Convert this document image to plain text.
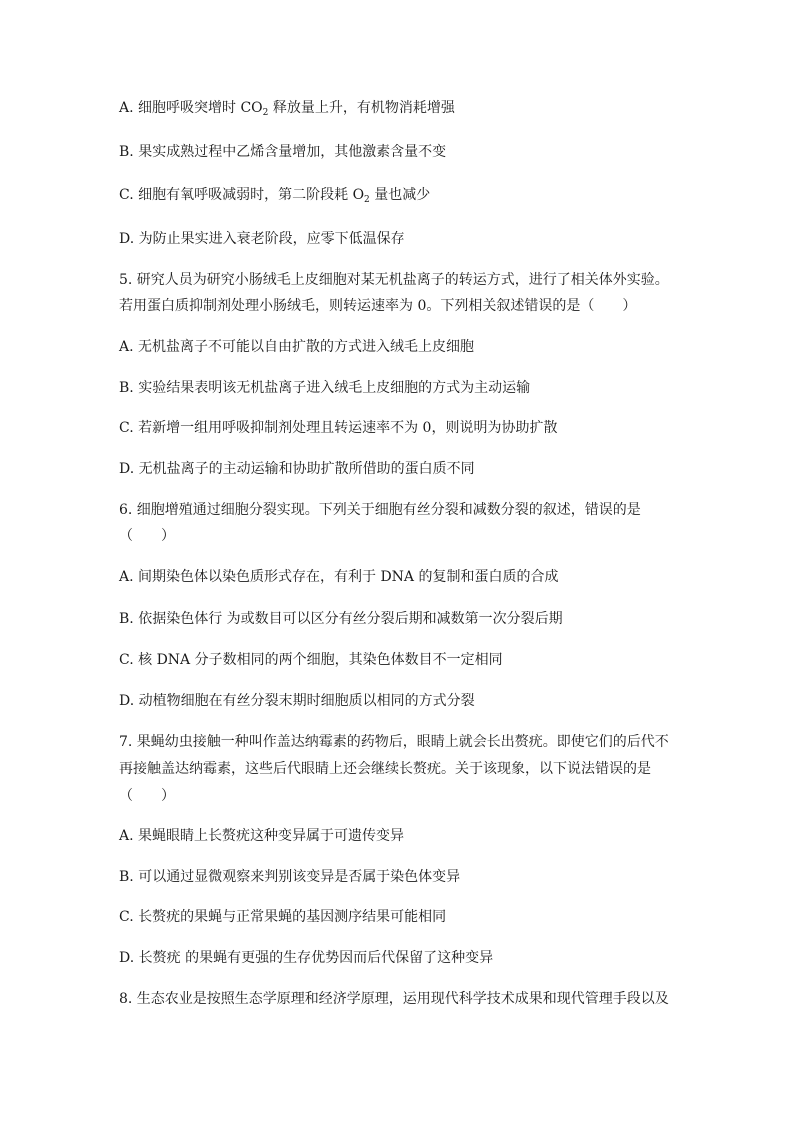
A. 细胞呼吸突增时 $CO_2$ 释放量上升，有机物消耗增强
B. 果实成熟过程中乙烯含量增加，其他激素含量不变
C. 细胞有氧呼吸减弱时，第二阶段耗 $O_2$ 量也减少
D. 为防止果实进入衰老阶段，应零下低温保存
5. 研究人员为研究小肠绒毛上皮细胞对某无机盐离子的转运方式，进行了相关体外实验。
若用蛋白质抑制剂处理小肠绒毛，则转运速率为 0。下列相关叙述错误的是（　　）
A. 无机盐离子不可能以自由扩散的方式进入绒毛上皮细胞
B. 实验结果表明该无机盐离子进入绒毛上皮细胞的方式为主动运输
C. 若新增一组用呼吸抑制剂处理且转运速率不为 0，则说明为协助扩散
D. 无机盐离子的主动运输和协助扩散所借助的蛋白质不同
6. 细胞增殖通过细胞分裂实现。下列关于细胞有丝分裂和减数分裂的叙述，错误的是
（　　）
A. 间期染色体以染色质形式存在，有利于 DNA 的复制和蛋白质的合成
B. 依据染色体行 为或数目可以区分有丝分裂后期和减数第一次分裂后期
C. 核 DNA 分子数相同的两个细胞，其染色体数目不一定相同
D. 动植物细胞在有丝分裂末期时细胞质以相同的方式分裂
7. 果蝇幼虫接触一种叫作盖达纳霉素的药物后，眼睛上就会长出赘疣。即使它们的后代不
再接触盖达纳霉素，这些后代眼睛上还会继续长赘疣。关于该现象，以下说法错误的是
（　　）
A. 果蝇眼睛上长赘疣这种变异属于可遗传变异
B. 可以通过显微观察来判别该变异是否属于染色体变异
C. 长赘疣的果蝇与正常果蝇的基因测序结果可能相同
D. 长赘疣 的果蝇有更强的生存优势因而后代保留了这种变异
8. 生态农业是按照生态学原理和经济学原理，运用现代科学技术成果和现代管理手段以及
